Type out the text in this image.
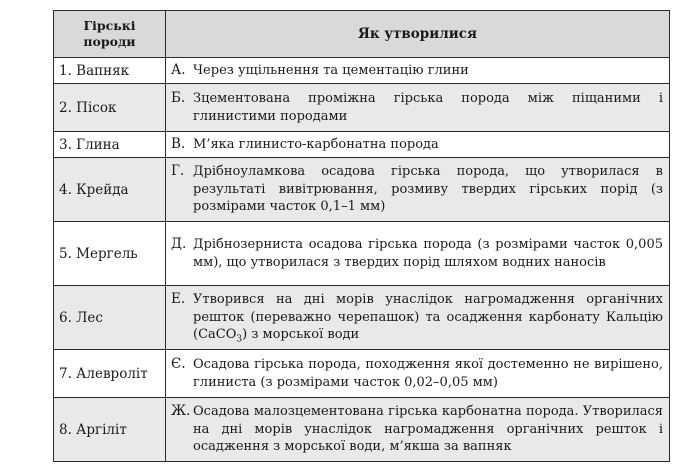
Гірські
породи	Як утворилися
1. Вапняк	А. Через ущільнення та цементацію глини

2. Пісок	Б. Зцементована проміжна гірська порода між піщаними і глинистими породами

3. Глина	В. М’яка глинисто-карбонатна порода

4. Крейда	Г. Дрібноуламкова осадова гірська порода, що утворилася в результаті вивітрювання, розмиву твердих гірських порід (з розмірами часток 0,1–1 мм)

5. Мергель	Д. Дрібнозерниста осадова гірська порода (з розмірами часток 0,005 мм), що утворилася з твердих порід шляхом водних наносів

6. Лес	Е. Утворився на дні морів унаслідок нагромадження органічних решток (переважно черепашок) та осадження карбонату Кальцію (CaCO$_3$) з морської води

7. Алевроліт	Є. Осадова гірська порода, походження якої достеменно не вирішено, глиниста (з розмірами часток 0,02–0,05 мм)

8. Аргіліт	Ж. Осадова малозцементована гірська карбонатна порода. Утворилася на дні морів унаслідок нагромадження органічних решток і осадження з морської води, м’якша за вапняк
